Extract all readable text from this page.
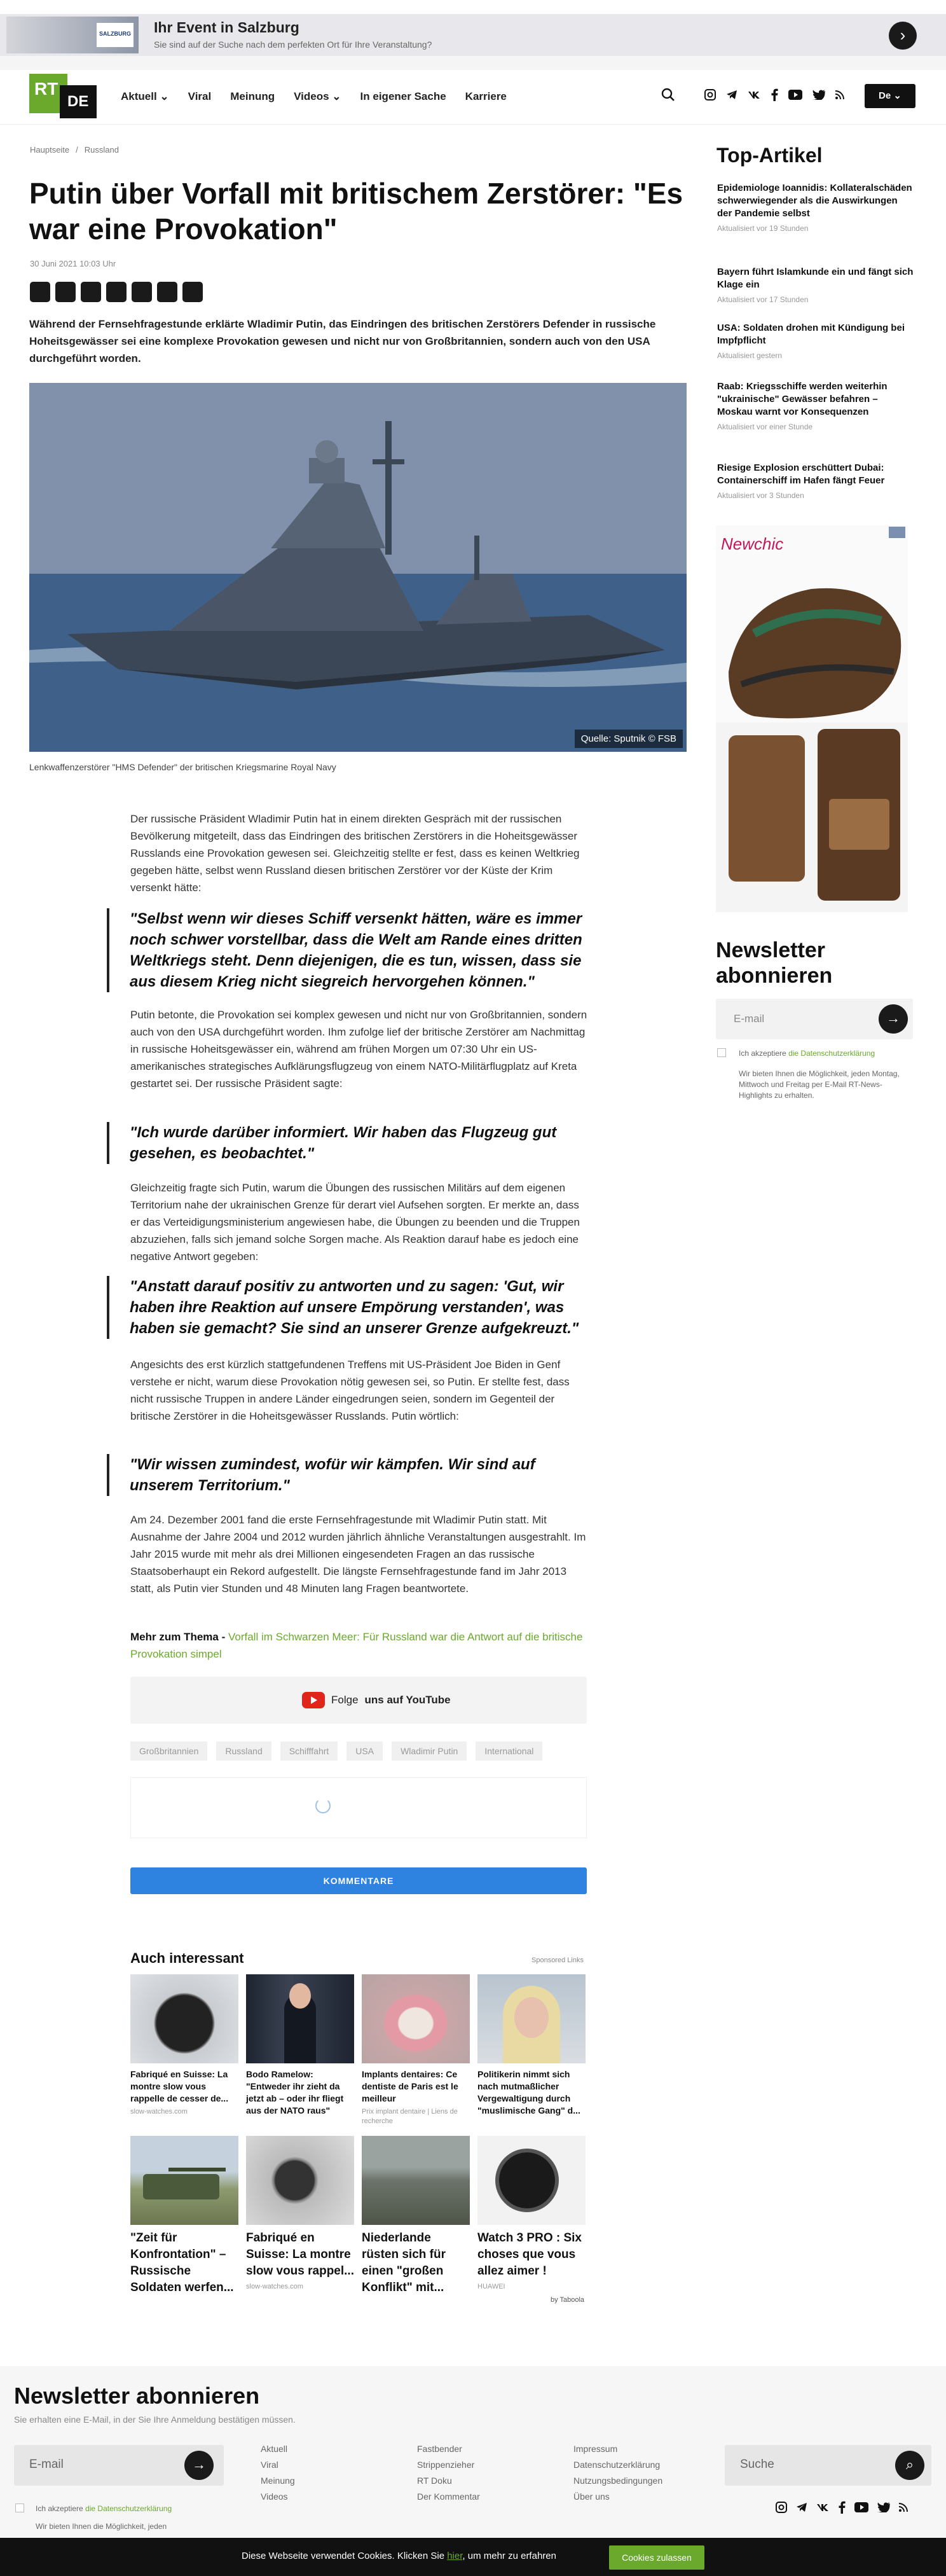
SALZBURG Ihr Event in Salzburg
Sie sind auf der Suche nach dem perfekten Ort für Ihre Veranstaltung?	›
RT
DE	Aktuell ⌄ Viral Meinung Videos ⌄ In eigener Sache Karriere	De ⌄
Hauptseite / Russland
Putin über Vorfall mit britischem Zerstörer: "Es war eine Provokation"
30 Juni 2021 10:03 Uhr

Während der Fernsehfragestunde erklärte Wladimir Putin, das Eindringen des britischen Zerstörers Defender in russische Hoheitsgewässer sei eine komplexe Provokation gewesen und nicht nur von Großbritannien, sondern auch von den USA durchgeführt worden.

Quelle: Sputnik © FSB
Lenkwaffenzerstörer "HMS Defender" der britischen Kriegsmarine Royal Navy

Der russische Präsident Wladimir Putin hat in einem direkten Gespräch mit der russischen Bevölkerung mitgeteilt, dass das Eindringen des britischen Zerstörers in die Hoheitsgewässer Russlands eine Provokation gewesen sei. Gleichzeitig stellte er fest, dass es keinen Weltkrieg gegeben hätte, selbst wenn Russland diesen britischen Zerstörer vor der Küste der Krim versenkt hätte:

"Selbst wenn wir dieses Schiff versenkt hätten, wäre es immer noch schwer vorstellbar, dass die Welt am Rande eines dritten Weltkriegs steht. Denn diejenigen, die es tun, wissen, dass sie aus diesem Krieg nicht siegreich hervorgehen können."

Putin betonte, die Provokation sei komplex gewesen und nicht nur von Großbritannien, sondern auch von den USA durchgeführt worden. Ihm zufolge lief der britische Zerstörer am Nachmittag in russische Hoheitsgewässer ein, während am frühen Morgen um 07:30 Uhr ein US-amerikanisches strategisches Aufklärungsflugzeug von einem NATO-Militärflugplatz auf Kreta gestartet sei. Der russische Präsident sagte:

"Ich wurde darüber informiert. Wir haben das Flugzeug gut gesehen, es beobachtet."

Gleichzeitig fragte sich Putin, warum die Übungen des russischen Militärs auf dem eigenen Territorium nahe der ukrainischen Grenze für derart viel Aufsehen sorgten. Er merkte an, dass er das Verteidigungsministerium angewiesen habe, die Übungen zu beenden und die Truppen abzuziehen, falls sich jemand solche Sorgen mache. Als Reaktion darauf habe es jedoch eine negative Antwort gegeben:

"Anstatt darauf positiv zu antworten und zu sagen: 'Gut, wir haben ihre Reaktion auf unsere Empörung verstanden', was haben sie gemacht? Sie sind an unserer Grenze aufgekreuzt."

Angesichts des erst kürzlich stattgefundenen Treffens mit US-Präsident Joe Biden in Genf verstehe er nicht, warum diese Provokation nötig gewesen sei, so Putin. Er stellte fest, dass nicht russische Truppen in andere Länder eingedrungen seien, sondern im Gegenteil der britische Zerstörer in die Hoheitsgewässer Russlands. Putin wörtlich:

"Wir wissen zumindest, wofür wir kämpfen. Wir sind auf unserem Territorium."

Am 24. Dezember 2001 fand die erste Fernsehfragestunde mit Wladimir Putin statt. Mit Ausnahme der Jahre 2004 und 2012 wurden jährlich ähnliche Veranstaltungen ausgestrahlt. Im Jahr 2015 wurde mit mehr als drei Millionen eingesendeten Fragen an das russische Staatsoberhaupt ein Rekord aufgestellt. Die längste Fernsehfragestunde fand im Jahr 2013 statt, als Putin vier Stunden und 48 Minuten lang Fragen beantwortete.

Mehr zum Thema - Vorfall im Schwarzen Meer: Für Russland war die Antwort auf die britische Provokation simpel
Folge uns auf YouTube
Großbritannien	Russland	Schifffahrt	USA	Wladimir Putin	International
KOMMENTARE
Auch interessant	Sponsored Links
Fabriqué en Suisse: La montre slow vous rappelle de cesser de...
slow-watches.com
Bodo Ramelow: "Entweder ihr zieht da jetzt ab – oder ihr fliegt aus der NATO raus"
Implants dentaires: Ce dentiste de Paris est le meilleur
Prix implant dentaire | Liens de recherche
Politikerin nimmt sich nach mutmaßlicher Vergewaltigung durch "muslimische Gang" d...
"Zeit für Konfrontation" – Russische Soldaten werfen...
Fabriqué en Suisse: La montre slow vous rappel...
slow-watches.com
Niederlande rüsten sich für einen "großen Konflikt" mit...
Watch 3 PRO : Six choses que vous allez aimer !
HUAWEI
by Taboola
Top-Artikel
Epidemiologe Ioannidis: Kollateralschäden schwerwiegender als die Auswirkungen der Pandemie selbst
Aktualisiert vor 19 Stunden
Bayern führt Islamkunde ein und fängt sich Klage ein
Aktualisiert vor 17 Stunden
USA: Soldaten drohen mit Kündigung bei Impfpflicht
Aktualisiert gestern
Raab: Kriegsschiffe werden weiterhin "ukrainische" Gewässer befahren – Moskau warnt vor Konsequenzen
Aktualisiert vor einer Stunde
Riesige Explosion erschüttert Dubai: Containerschiff im Hafen fängt Feuer
Aktualisiert vor 3 Stunden
Newchic
Newsletter abonnieren
E-mail	→
Ich akzeptiere die Datenschutzerklärung
Wir bieten Ihnen die Möglichkeit, jeden Montag, Mittwoch und Freitag per E-Mail RT-News-Highlights zu erhalten.
Newsletter abonnieren
Sie erhalten eine E-Mail, in der Sie Ihre Anmeldung bestätigen müssen.
E-mail	→
Ich akzeptiere die Datenschutzerklärung
Wir bieten Ihnen die Möglichkeit, jeden
Aktuell
Viral
Meinung
Videos
Fastbender
Strippenzieher
RT Doku
Der Kommentar
Impressum
Datenschutzerklärung
Nutzungsbedingungen
Über uns
Suche	⌕
Diese Webseite verwendet Cookies. Klicken Sie hier, um mehr zu erfahren	Cookies zulassen
